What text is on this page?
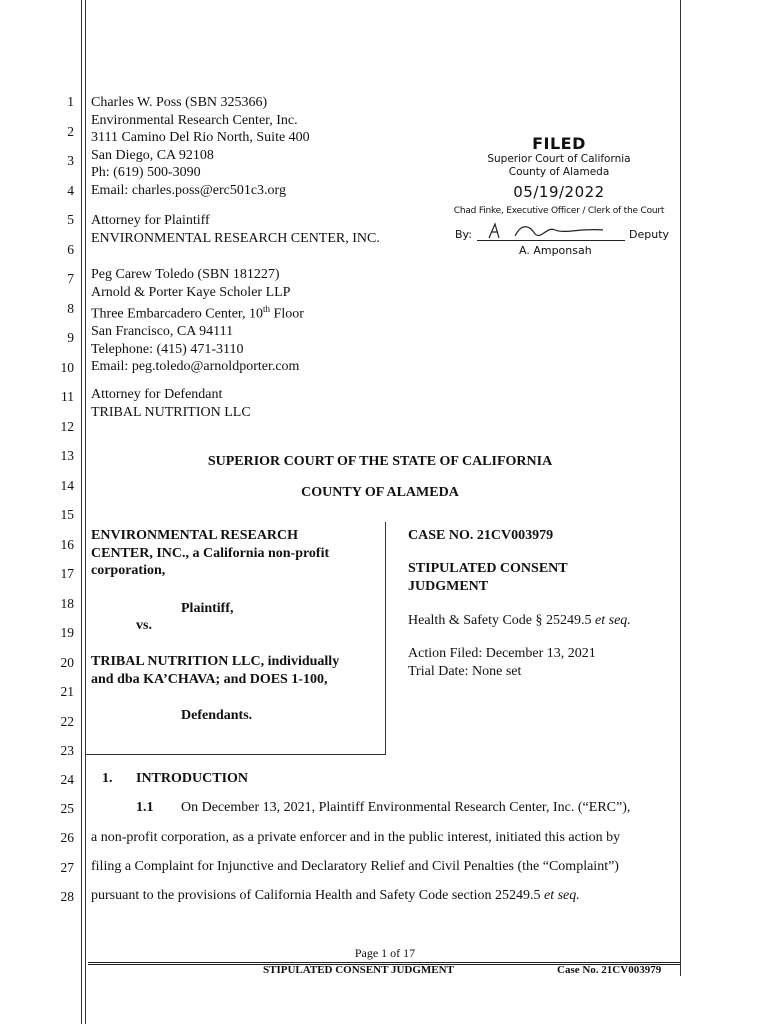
1
2
3
4
5
6
7
8
9
10
11
12
13
14
15
16
17
18
19
20
21
22
23
24
25
26
27
28
Charles W. Poss (SBN 325366)
Environmental Research Center, Inc.
3111 Camino Del Rio North, Suite 400
San Diego, CA 92108
Ph: (619) 500-3090
Email: charles.poss@erc501c3.org
Attorney for Plaintiff
ENVIRONMENTAL RESEARCH CENTER, INC.
FILED
Superior Court of California
County of Alameda
05/19/2022
Chad Finke, Executive Officer / Clerk of the Court
By:	Deputy
A. Amponsah
Peg Carew Toledo (SBN 181227)
Arnold & Porter Kaye Scholer LLP
Three Embarcadero Center, 10th Floor
San Francisco, CA 94111
Telephone: (415) 471-3110
Email: peg.toledo@arnoldporter.com
Attorney for Defendant
TRIBAL NUTRITION LLC
SUPERIOR COURT OF THE STATE OF CALIFORNIA
COUNTY OF ALAMEDA
ENVIRONMENTAL RESEARCH
CENTER, INC., a California non-profit
corporation,
Plaintiff,
vs.
TRIBAL NUTRITION LLC, individually
and dba KA’CHAVA; and DOES 1-100,
Defendants.
CASE NO. 21CV003979
STIPULATED CONSENT
JUDGMENT
Health & Safety Code § 25249.5 et seq.
Action Filed: December 13, 2021
Trial Date: None set
1. INTRODUCTION
1.1 On December 13, 2021, Plaintiff Environmental Research Center, Inc. (“ERC”),
a non-profit corporation, as a private enforcer and in the public interest, initiated this action by
filing a Complaint for Injunctive and Declaratory Relief and Civil Penalties (the “Complaint”)
pursuant to the provisions of California Health and Safety Code section 25249.5 et seq.
Page 1 of 17
STIPULATED CONSENT JUDGMENT	Case No. 21CV003979
